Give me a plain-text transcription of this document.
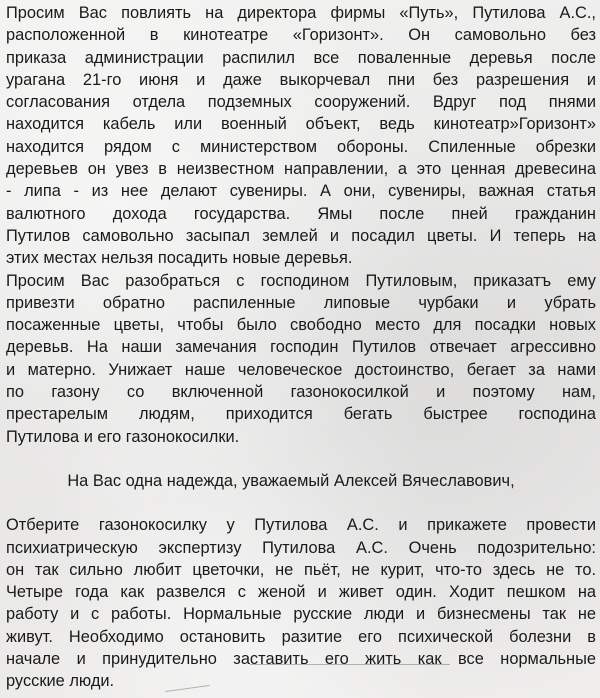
Просим Вас повлиять на директора фирмы «Путь», Путилова А.С.,
расположенной в кинотеатре «Горизонт». Он самовольно без
приказа администрации распилил все поваленные деревья после
урагана 21-го июня и даже выкорчевал пни без разрешения и
согласования отдела подземных сооружений. Вдруг под пнями
находится кабель или военный объект, ведь кинотеатр»Горизонт»
находится рядом с министерством обороны. Спиленные обрезки
деревьев он увез в неизвестном направлении, а это ценная древесина
- липа - из нее делают сувениры. А они, сувениры, важная статья
валютного дохода государства. Ямы после пней гражданин
Путилов самовольно засыпал землей и посадил цветы. И теперь на
этих местах нельзя посадить новые деревья.
Просим Вас разобраться с господином Путиловым, приказатъ ему
привезти обратно распиленные липовые чурбаки и убрать
посаженные цветы, чтобы было свободно место для посадки новых
деревьв. На наши замечания господин Путилов отвечает агрессивно
и матерно. Унижает наше человеческое достоинство, бегает за нами
по газону со включенной газонокосилкой и поэтому нам,
престарелым людям, приходится бегать быстрее господина
Путилова и его газонокосилки.
На Вас одна надежда, уважаемый Алексей Вячеславович,
Отберите газонокосилку у Путилова А.С. и прикажете провести
психиатрическую экспертизу Путилова А.С. Очень подозрительно:
он так сильно любит цветочки, не пьёт, не курит, что-то здесь не то.
Четыре года как развелся с женой и живет один. Ходит пешком на
работу и с работы. Нормальные русские люди и бизнесмены так не
живут. Необходимо остановить разитие его психической болезни в
начале и принудительно заставить его жить как все нормальные
русские люди.
